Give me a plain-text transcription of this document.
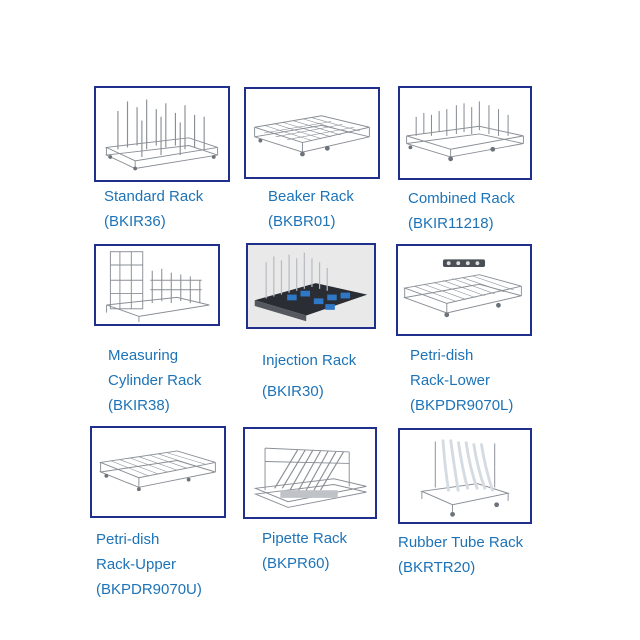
Standard Rack
(BKIR36)
Beaker Rack
(BKBR01)
Combined Rack
(BKIR11218)
Measuring
Cylinder Rack
(BKIR38)
Injection Rack
(BKIR30)
Petri-dish
Rack-Lower
(BKPDR9070L)
Petri-dish
Rack-Upper
(BKPDR9070U)
Pipette Rack
(BKPR60)
Rubber Tube Rack
(BKRTR20)
